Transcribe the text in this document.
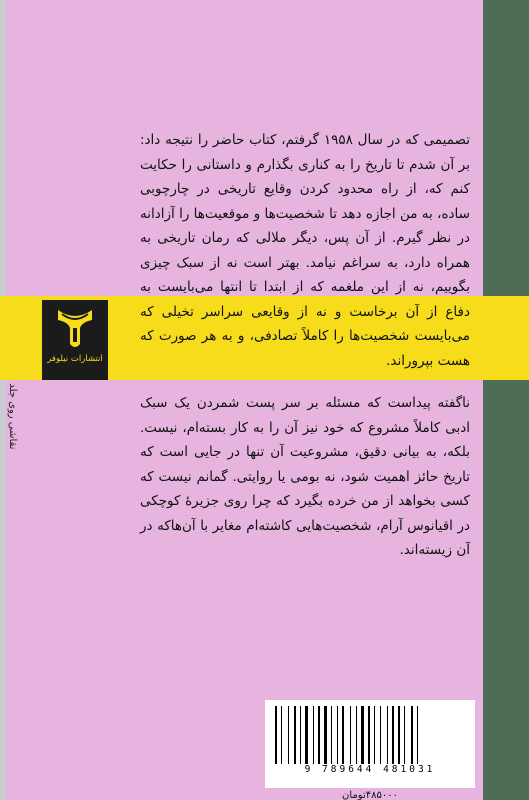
نقاشی روی جلد
انتشارات نیلوفر

تصمیمی که در سال ۱۹۵۸ گرفتم، کتاب حاضر را نتیجه داد: بر آن شدم تا تاریخ را به کناری بگذارم و داستانی را حکایت کنم که، از راه محدود کردن وقایع تاریخی در چارچوبی ساده، به من اجازه دهد تا شخصیت‌ها و موقعیت‌ها را آزادانه در نظر گیرم. از آن پس، دیگر ملالی که رمان تاریخی به همراه دارد، به سراغم نیامد. بهتر است نه از سبک چیزی بگوییم، نه از این ملغمه که از ابتدا تا انتها می‌بایست به دفاع از آن برخاست و نه از وقایعی سراسر تخیلی که می‌بایست شخصیت‌ها را کاملاً تصادفی، و به هر صورت که هست بپروراند.

ناگفته پیداست که مسئله بر سر پست شمردن یک سبک ادبی کاملاً مشروع که خود نیز آن را به کار بسته‌ام، نیست. بلکه، به بیانی دقیق، مشروعیت آن تنها در جایی است که تاریخ حائز اهمیت شود، نه بومی یا روایتی. گمانم نیست که کسی بخواهد از من خرده بگیرد که چرا روی جزیرهٔ کوچکی در اقیانوس آرام، شخصیت‌هایی کاشته‌ام مغایر با آن‌هاکه در آن زیسته‌اند.

9 789644 481031
۴۸۵۰۰۰تومان
